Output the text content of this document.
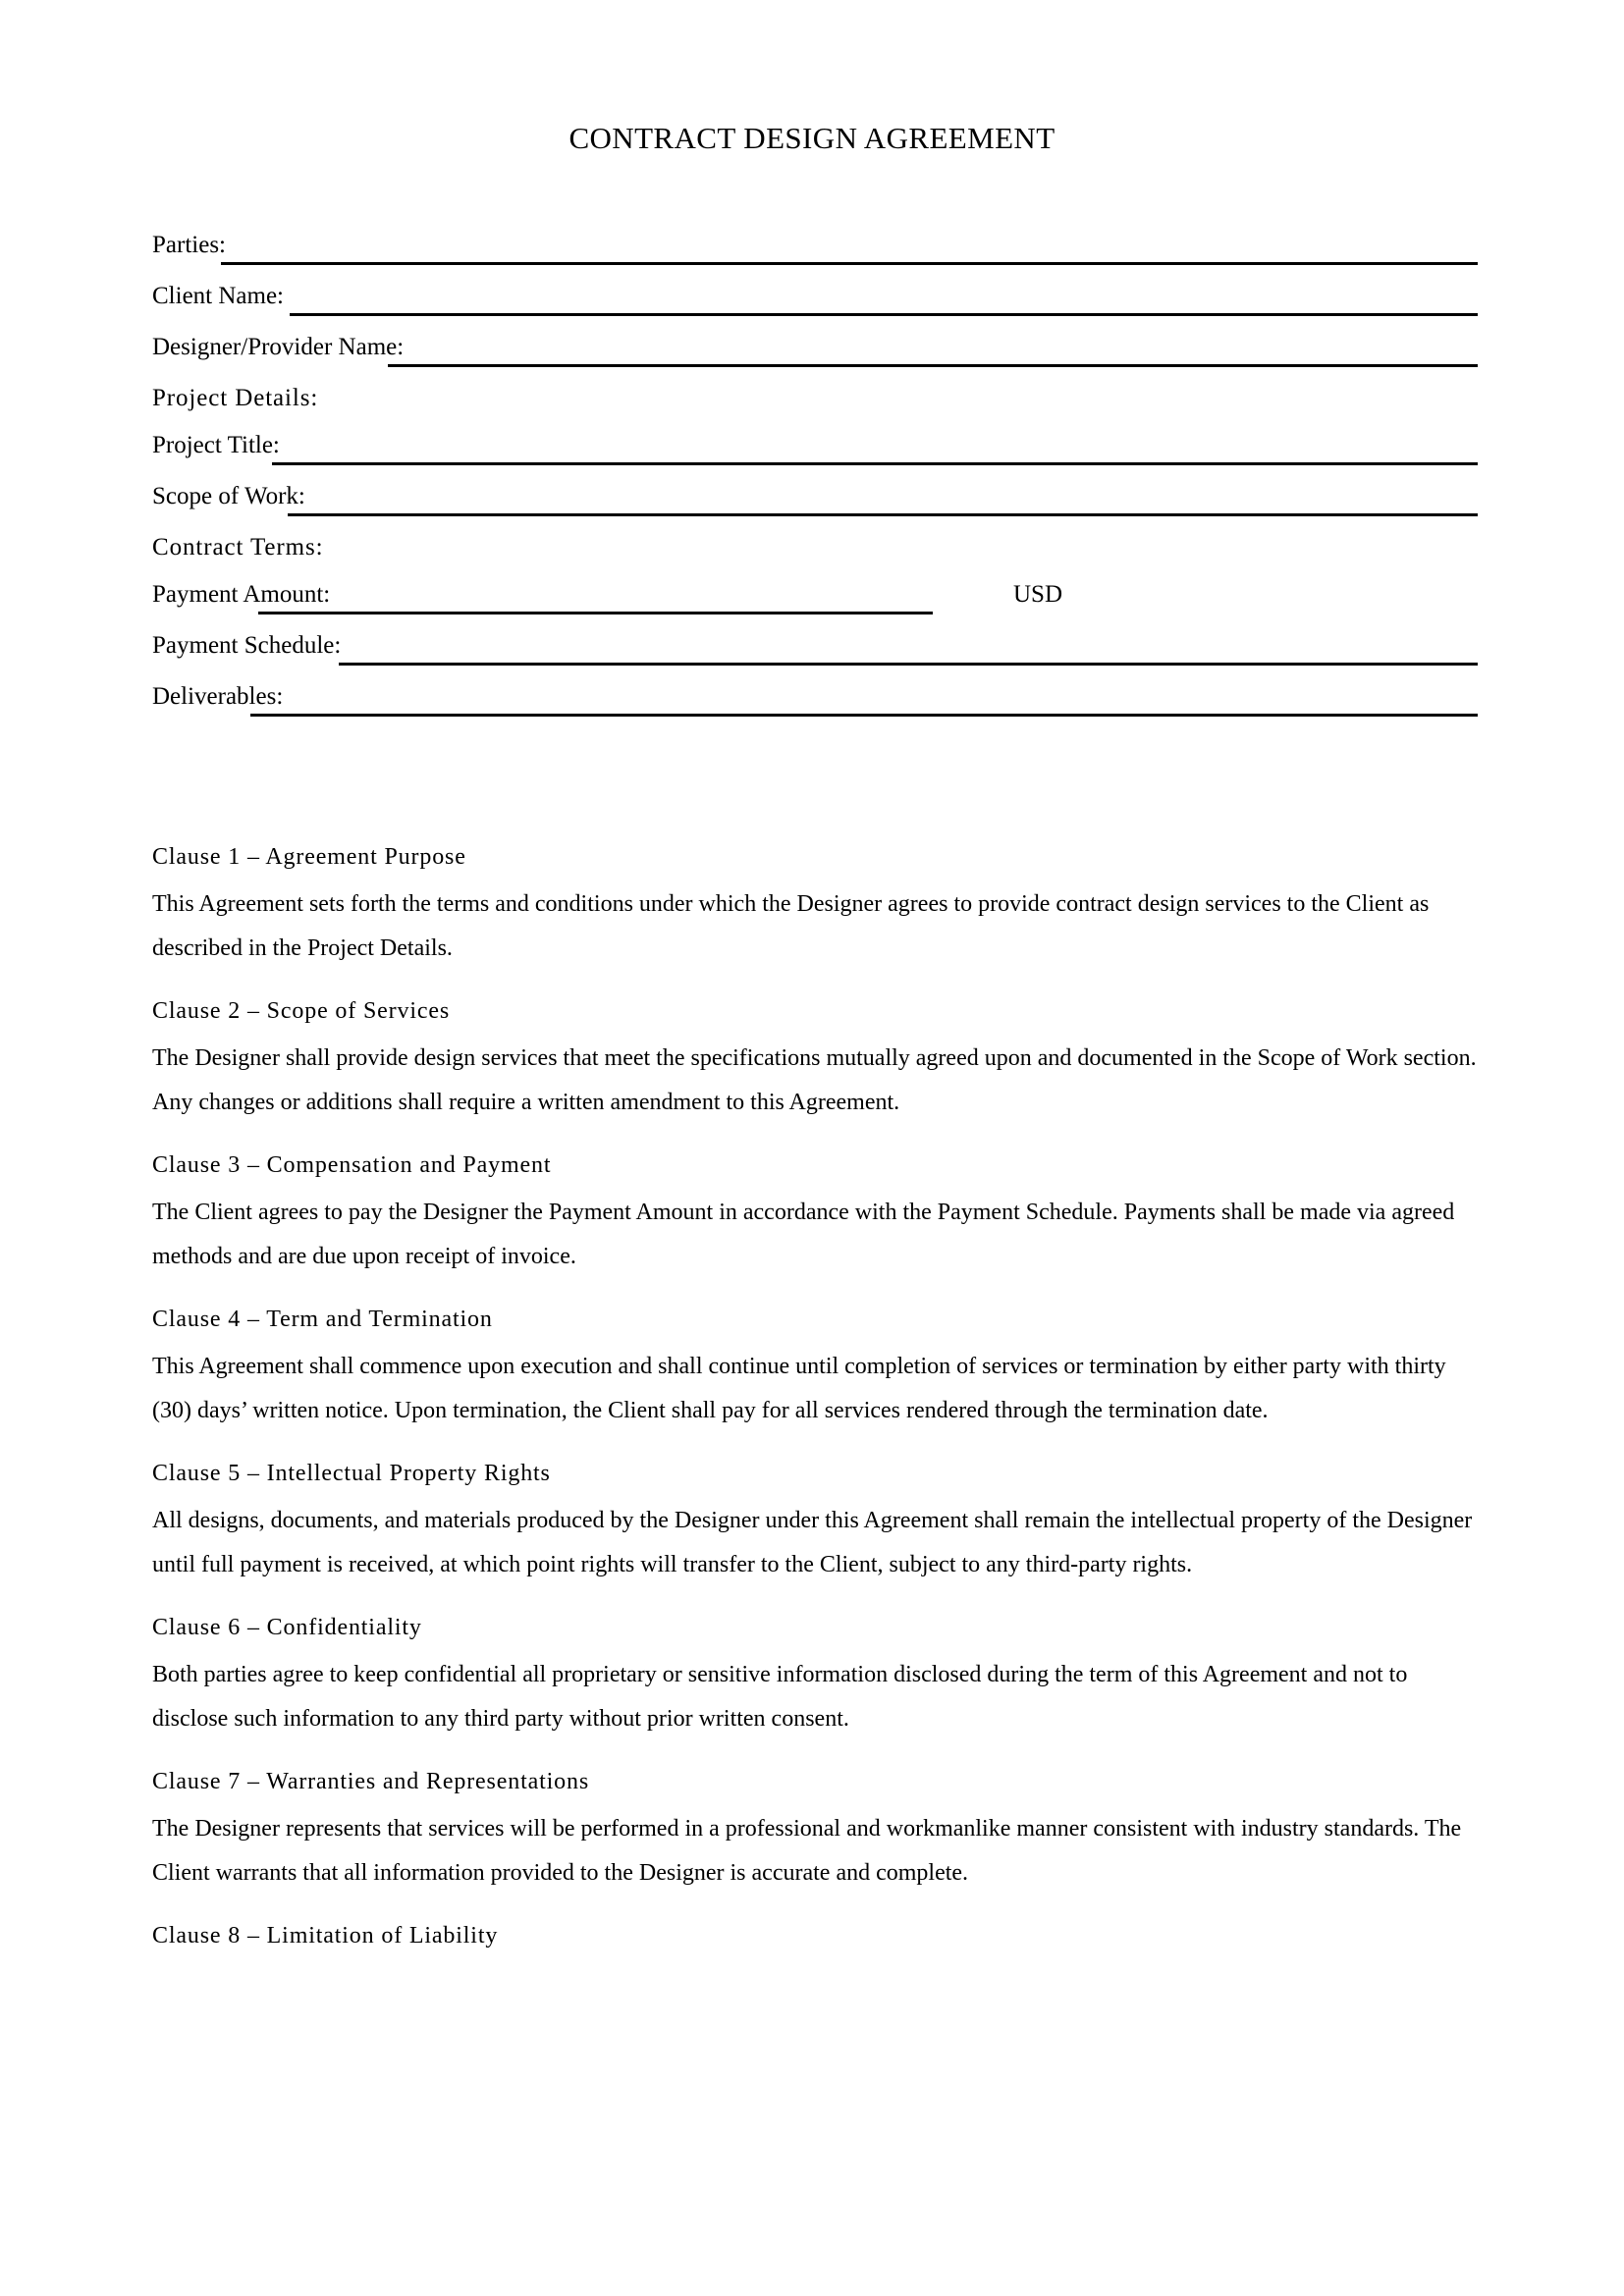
CONTRACT DESIGN AGREEMENT
Parties:
Client Name:
Designer/Provider Name:
Project Details:
Project Title:
Scope of Work:
Contract Terms:
Payment Amount:	USD
Payment Schedule:
Deliverables:
Clause 1 – Agreement Purpose

This Agreement sets forth the terms and conditions under which the Designer agrees to provide contract design services to the Client as described in the Project Details.

Clause 2 – Scope of Services

The Designer shall provide design services that meet the specifications mutually agreed upon and documented in the Scope of Work section. Any changes or additions shall require a written amendment to this Agreement.

Clause 3 – Compensation and Payment

The Client agrees to pay the Designer the Payment Amount in accordance with the Payment Schedule. Payments shall be made via agreed methods and are due upon receipt of invoice.

Clause 4 – Term and Termination

This Agreement shall commence upon execution and shall continue until completion of services or termination by either party with thirty (30) days’ written notice. Upon termination, the Client shall pay for all services rendered through the termination date.

Clause 5 – Intellectual Property Rights

All designs, documents, and materials produced by the Designer under this Agreement shall remain the intellectual property of the Designer until full payment is received, at which point rights will transfer to the Client, subject to any third-party rights.

Clause 6 – Confidentiality

Both parties agree to keep confidential all proprietary or sensitive information disclosed during the term of this Agreement and not to disclose such information to any third party without prior written consent.

Clause 7 – Warranties and Representations

The Designer represents that services will be performed in a professional and workmanlike manner consistent with industry standards. The Client warrants that all information provided to the Designer is accurate and complete.

Clause 8 – Limitation of Liability
